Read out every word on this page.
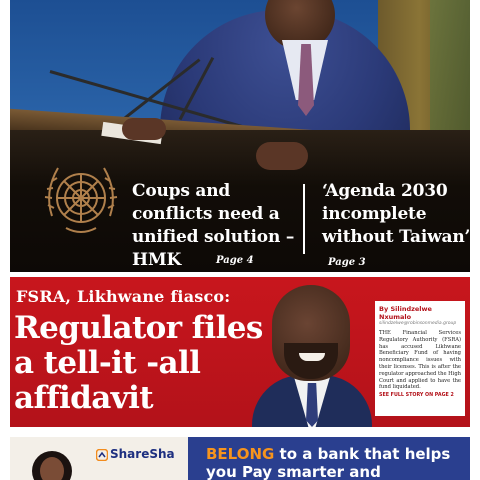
Coups and conflicts need a unified solution – HMK
‘Agenda 2030 incomplete without Taiwan’
Page 4	Page 3
FSRA, Likhwane fiasco:
Regulator files a tell-it -all affidavit
By Silindzelwe Nxumalo
silindzelwe@robinsonmedia.group
THE Financial Services Regulatory Authority (FSRA) has accused Likhwane Beneficiary Fund of having noncompliance issues with their licenses. This is after the regulator approached the High Court and applied to have the fund liquidated.
SEE FULL STORY ON PAGE 2
ShareSha BELONG to a bank that helps you Pay smarter and
